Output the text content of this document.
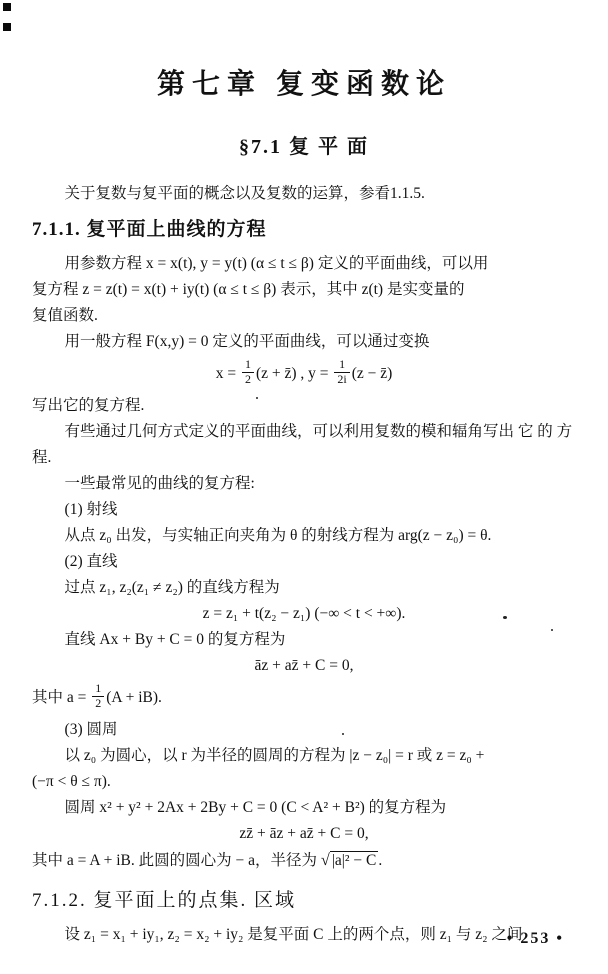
第七章 复变函数论
§7.1 复 平 面
关于复数与复平面的概念以及复数的运算，参看1.1.5.
7.1.1. 复平面上曲线的方程
用参数方程 x = x(t), y = y(t) (α ≤ t ≤ β) 定义的平面曲线，可以用
复方程 z = z(t) = x(t) + iy(t) (α ≤ t ≤ β) 表示，其中 z(t) 是实变量的
复值函数.
用一般方程 F(x,y) = 0 定义的平面曲线，可以通过变换
$x = \frac{1}{2} (z$ + z̄) , $y = \frac{1}{2i} (z$ − z̄)
写出它的复方程.
有些通过几何方式定义的平面曲线，可以利用复数的模和辐角写出 它 的 方
程.
一些最常见的曲线的复方程:
(1) 射线
从点 z₀ 出发，与实轴正向夹角为 θ 的射线方程为 arg(z − z₀) = θ.
(2) 直线
过点 z₁, z₂(z₁ ≠ z₂) 的直线方程为
z = z₁ + t(z₂ − z₁) (−∞ < t < +∞).
直线 Ax + By + C = 0 的复方程为
āz + az̄ + C = 0,
其中 $a = \frac{1}{2} (A + iB)$.
(3) 圆周
以 z₀ 为圆心，以 r 为半径的圆周的方程为 |z − z₀| = r 或 z = z₀ +
(−π < θ ≤ π).
圆周 x² + y² + 2Ax + 2By + C = 0 (C < A² + B²) 的复方程为
zz̄ + āz + az̄ + C = 0,
其中 a = A + iB. 此圆的圆心为 − a，半径为 √ |a|² − C .
7.1.2. 复平面上的点集. 区域
设 z₁ = x₁ + iy₁, z₂ = x₂ + iy₂ 是复平面 C 上的两个点，则 z₁ 与 z₂ 之间
• 253 •
